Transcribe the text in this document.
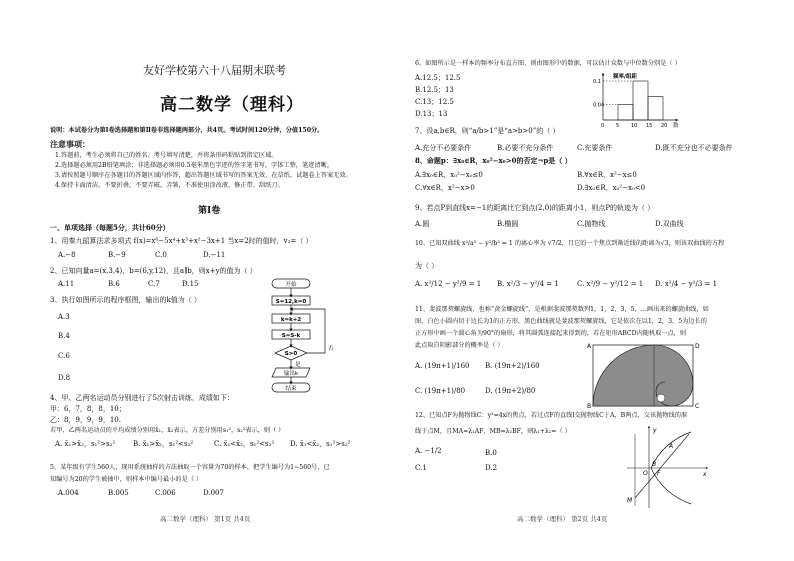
友好学校第六十八届期末联考
高二数学（理科）
说明：本试卷分为第Ⅰ卷选择题和第Ⅱ卷非选择题两部分，共4页。考试时间120分钟，分值150分。
注意事项：
1.答题前，考生必须将自己的姓名、考号填写清楚，并将条形码粘贴到指定区域。
2.选择题必须用2B铅笔填涂；非选择题必须用0.5毫米黑色字迹的签字笔书写，字体工整，笔迹清晰。
3.请按照题号顺序在各题目的答题区域内作答，超出答题区域书写的答案无效，在草纸、试题卷上答案无效。
4.保持卡面清洁，不要折叠，不要弄破、弄皱，不准使用涂改液、修正带、刮纸刀。
第Ⅰ卷
一、单项选择（每题5分，共计60分）
1、用秦九韶算法求多项式 f(x)=x⁶−5x⁴+x³+x²−3x+1 当x=2时的值时，v₃=（ ）
A.−8	B.−9	C.0	D.−11
2、已知向量a=(x,3,4)，b=(6,y,12)，且a∥b，则x+y的值为（ ）
A.11	B.6	C.7	D.15
3、执行如图所示的程序框图，输出的k值为（ ）
A.3
B.4
C.6
D.8
开始
S=12,k=0
k=k+2
S=S-k
S>0
是
否
输出k
结束
4、甲、乙两名运动员分别进行了5次射击训练，成绩如下：
甲：6，7，8，8，10；
乙：8，9，9，9，10.
若甲、乙两名运动员的平均成绩分别用x̄₁，x̄₂表示，方差分别用s₁²，s₂²表示，则（ ）
A. x̄₁>x̄₂，s₁²>s₂²	B. x̄₁>x̄₂，s₁²<s₂²	C. x̄₁<x̄₂，s₁²<s₂² D. x̄₁<x̄₂，s₁²>s₂²
5、某年级有学生560人，现用系统抽样的方法抽取一个容量为70的样本，把学生编号为1~560号，已
知编号为20的学生被抽中，则样本中编号最小的是（ ）
A.004	B.005	C.006	D.007
高二数学（理科） 第1页 共4页
6、如图所示是一样本的频率分布直方图，则由图形中的数据，可以估计众数与中位数分别是（ ）
A.12.5；12.5
B.12.5；13
C.13；12.5
D.13；13
频率/组距
0.1
0.04
0 5 10 15 20 数
7、设a,b∈R，则“a/b>1”是“a>b>0”的（ ）
A.充分不必要条件	B.必要不充分条件	C.充要条件	D.既不充分也不必要条件
8、命题p：∃x₀∈R，x₀²−x₀>0的否定¬p是（ ）
A.∃x₀∈R，x₀²−x₀≤0	B.∀x∈R，x²−x≤0
C.∀x∈R，x²−x>0	D.∃x₀∈R，x₀²−x₀<0
9、若点P到直线x=−1的距离比它到点(2,0)的距离小1，则点P的轨迹为（ ）
A.圆	B.椭圆	C.抛物线	D.双曲线
10、已知双曲线 x²/a² − y²/b² = 1 的离心率为 √7/2，且它的一个焦点到渐近线的距离为√3，则该双曲线的方程
为（ ）
A. x²/12 − y²/9 = 1 B. x²/3 − y²/4 = 1	C. x²/9 − y²/12 = 1 D. x²/4 − y²/3 = 1
11、斐波那契螺旋线，也称“黄金螺旋线”，是根据斐波那契数列1，1，2，3，5，…画出来的螺旋曲线，如
图，白色小圆内切于边长为1的正方形，黑色曲线就是斐波那契螺旋线，它是依次在以1，2，3，5为边长的
正方形中画一个圆心角为90°的扇形，将其圆弧连接起来得到的，若在矩形ABCD内随机取一点，则
此点取自阴影部分的概率是（ ）
A. (19π+1)/160 B. (19π+2)/160
C. (19π+1)/80	D. (19π+2)/80
A
B	C
D
12、已知点F为抛物线C：y²=4x的焦点，若过点F的直线l交抛物线C于A，B两点，交该抛物线的准
线于点M，且MA=λ₁AF，MB=λ₂BF，则λ₁+λ₂=（ ）
A. −1/2	B.0
C.1	D.2
y
x
O F
A
B
M
高二数学（理科） 第2页 共4页
